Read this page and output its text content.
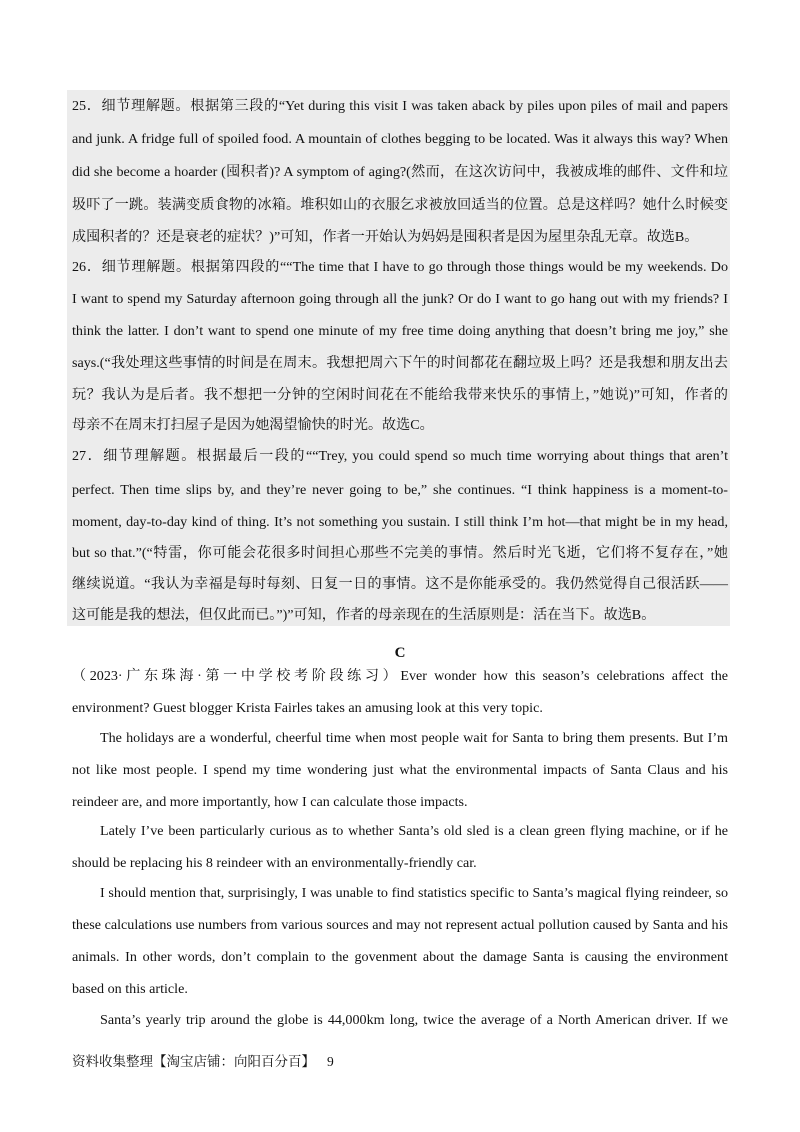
25．细节理解题。根据第三段的“Yet during this visit I was taken aback by piles upon piles of mail and papers
and junk. A fridge full of spoiled food. A mountain of clothes begging to be located. Was it always this way? When
did she become a hoarder (囤积者)? A symptom of aging?(然而，在这次访问中，我被成堆的邮件、文件和垃
圾吓了一跳。装满变质食物的冰箱。堆积如山的衣服乞求被放回适当的位置。总是这样吗？她什么时候变
成囤积者的？还是衰老的症状？)”可知，作者一开始认为妈妈是囤积者是因为屋里杂乱无章。故选B。
26．细节理解题。根据第四段的““The time that I have to go through those things would be my weekends. Do
I want to spend my Saturday afternoon going through all the junk? Or do I want to go hang out with my friends? I
think the latter. I don’t want to spend one minute of my free time doing anything that doesn’t bring me joy,” she
says.(“我处理这些事情的时间是在周末。我想把周六下午的时间都花在翻垃圾上吗？还是我想和朋友出去
玩？我认为是后者。我不想把一分钟的空闲时间花在不能给我带来快乐的事情上，”她说)”可知，作者的
母亲不在周末打扫屋子是因为她渴望愉快的时光。故选C。
27．细节理解题。根据最后一段的““Trey, you could spend so much time worrying about things that aren’t
perfect. Then time slips by, and they’re never going to be,” she continues. “I think happiness is a moment-to-
moment, day-to-day kind of thing. It’s not something you sustain. I still think I’m hot—that might be in my head,
but so that.”(“特雷，你可能会花很多时间担心那些不完美的事情。然后时光飞逝，它们将不复存在，”她
继续说道。“我认为幸福是每时每刻、日复一日的事情。这不是你能承受的。我仍然觉得自己很活跃——
这可能是我的想法，但仅此而已。”)”可知，作者的母亲现在的生活原则是：活在当下。故选B。
C
（2023·广东珠海·第一中学校考阶段练习）Ever wonder how this season’s celebrations affect the
environment? Guest blogger Krista Fairles takes an amusing look at this very topic.
The holidays are a wonderful, cheerful time when most people wait for Santa to bring them presents. But I’m
not like most people. I spend my time wondering just what the environmental impacts of Santa Claus and his
reindeer are, and more importantly, how I can calculate those impacts.
Lately I’ve been particularly curious as to whether Santa’s old sled is a clean green flying machine, or if he
should be replacing his 8 reindeer with an environmentally-friendly car.
I should mention that, surprisingly, I was unable to find statistics specific to Santa’s magical flying reindeer, so
these calculations use numbers from various sources and may not represent actual pollution caused by Santa and his
animals. In other words, don’t complain to the govenment about the damage Santa is causing the environment
based on this article.
Santa’s yearly trip around the globe is 44,000km long, twice the average of a North American driver. If we
资料收集整理【淘宝店铺：向阳百分百】 9
